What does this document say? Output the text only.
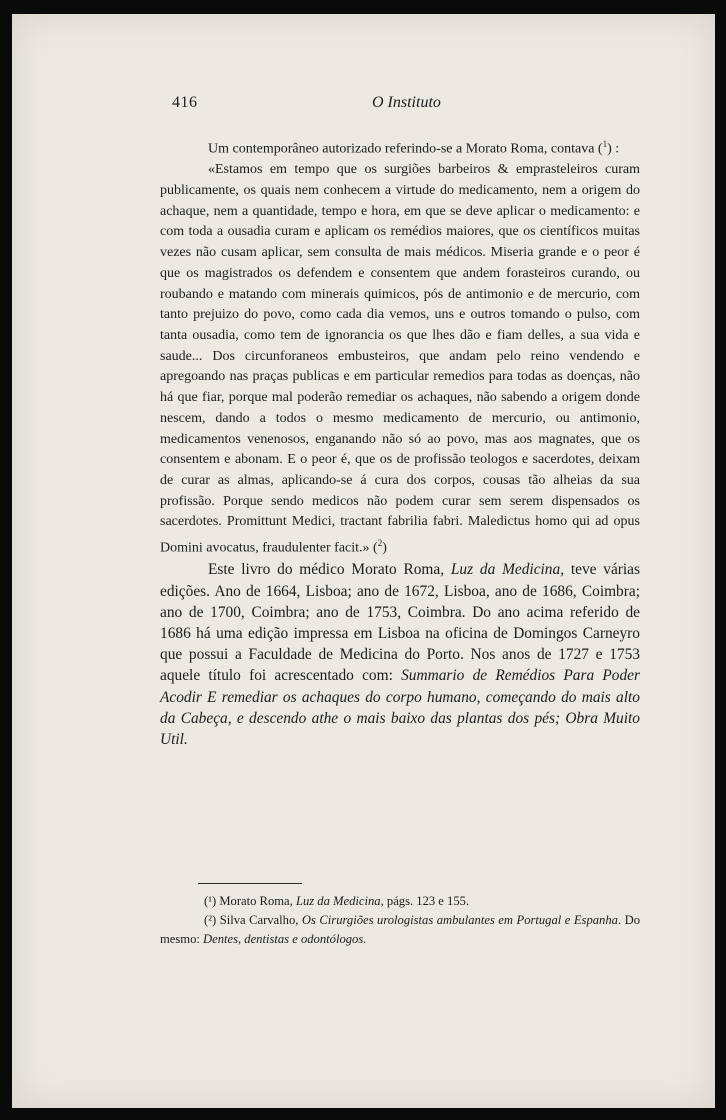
416	O Instituto

Um contemporâneo autorizado referindo-se a Morato Roma, contava ($^1$) :

«Estamos em tempo que os surgiões barbeiros & emprasteleiros curam publicamente, os quais nem conhecem a virtude do medicamento, nem a origem do achaque, nem a quantidade, tempo e hora, em que se deve aplicar o medicamento: e com toda a ousadia curam e aplicam os remédios maiores, que os científicos muitas vezes não cusam aplicar, sem consulta de mais médicos. Miseria grande e o peor é que os magistrados os defendem e consentem que andem forasteiros curando, ou roubando e matando com minerais quimicos, pós de antimonio e de mercurio, com tanto prejuizo do povo, como cada dia vemos, uns e outros tomando o pulso, com tanta ousadia, como tem de ignorancia os que lhes dão e fiam delles, a sua vida e saude... Dos circunforaneos embusteiros, que andam pelo reino vendendo e apregoando nas praças publicas e em particular remedios para todas as doenças, não há que fiar, porque mal poderão remediar os achaques, não sabendo a origem donde nescem, dando a todos o mesmo medicamento de mercurio, ou antimonio, medicamentos venenosos, enganando não só ao povo, mas aos magnates, que os consentem e abonam. E o peor é, que os de profissão teologos e sacerdotes, deixam de curar as almas, aplicando-se á cura dos corpos, cousas tão alheias da sua profissão. Porque sendo medicos não podem curar sem serem dispensados os sacerdotes. Promittunt Medici, tractant fabrilia fabri. Maledictus homo qui ad opus Domini avocatus, fraudulenter facit.» ($^2$)

Este livro do médico Morato Roma, Luz da Medicina, teve várias edições. Ano de 1664, Lisboa; ano de 1672, Lisboa, ano de 1686, Coimbra; ano de 1700, Coimbra; ano de 1753, Coimbra. Do ano acima referido de 1686 há uma edição impressa em Lisboa na oficina de Domingos Carneyro que possui a Faculdade de Medicina do Porto. Nos anos de 1727 e 1753 aquele título foi acrescentado com: Summario de Remédios Para Poder Acodir E remediar os achaques do corpo humano, começando do mais alto da Cabeça, e descendo athe o mais baixo das plantas dos pés; Obra Muito Util.

(¹) Morato Roma, Luz da Medicina, págs. 123 e 155.

(²) Silva Carvalho, Os Cirurgiões urologistas ambulantes em Portugal e Espanha. Do mesmo: Dentes, dentistas e odontólogos.
